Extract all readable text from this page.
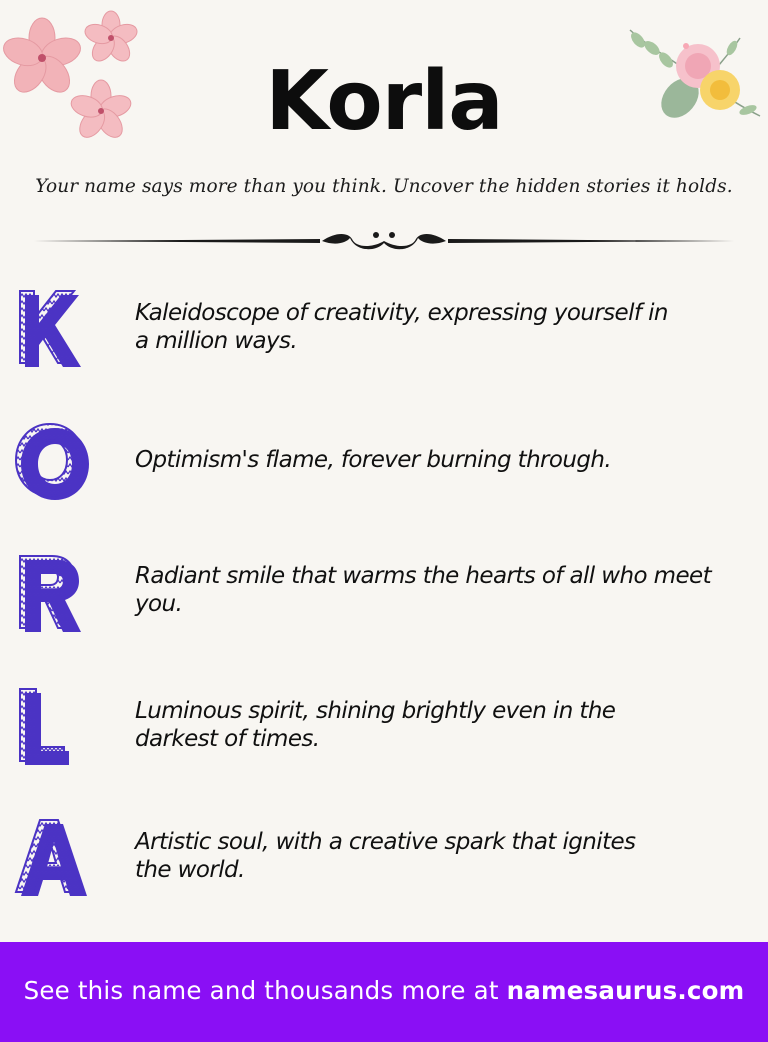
Korla
Your name says more than you think. Uncover the hidden stories it holds.
Kaleidoscope of creativity, expressing yourself in
a million ways.
Optimism's flame, forever burning through.
Radiant smile that warms the hearts of all who meet
you.
Luminous spirit, shining brightly even in the
darkest of times.
Artistic soul, with a creative spark that ignites
the world.
See this name and thousands more at namesaurus.com
